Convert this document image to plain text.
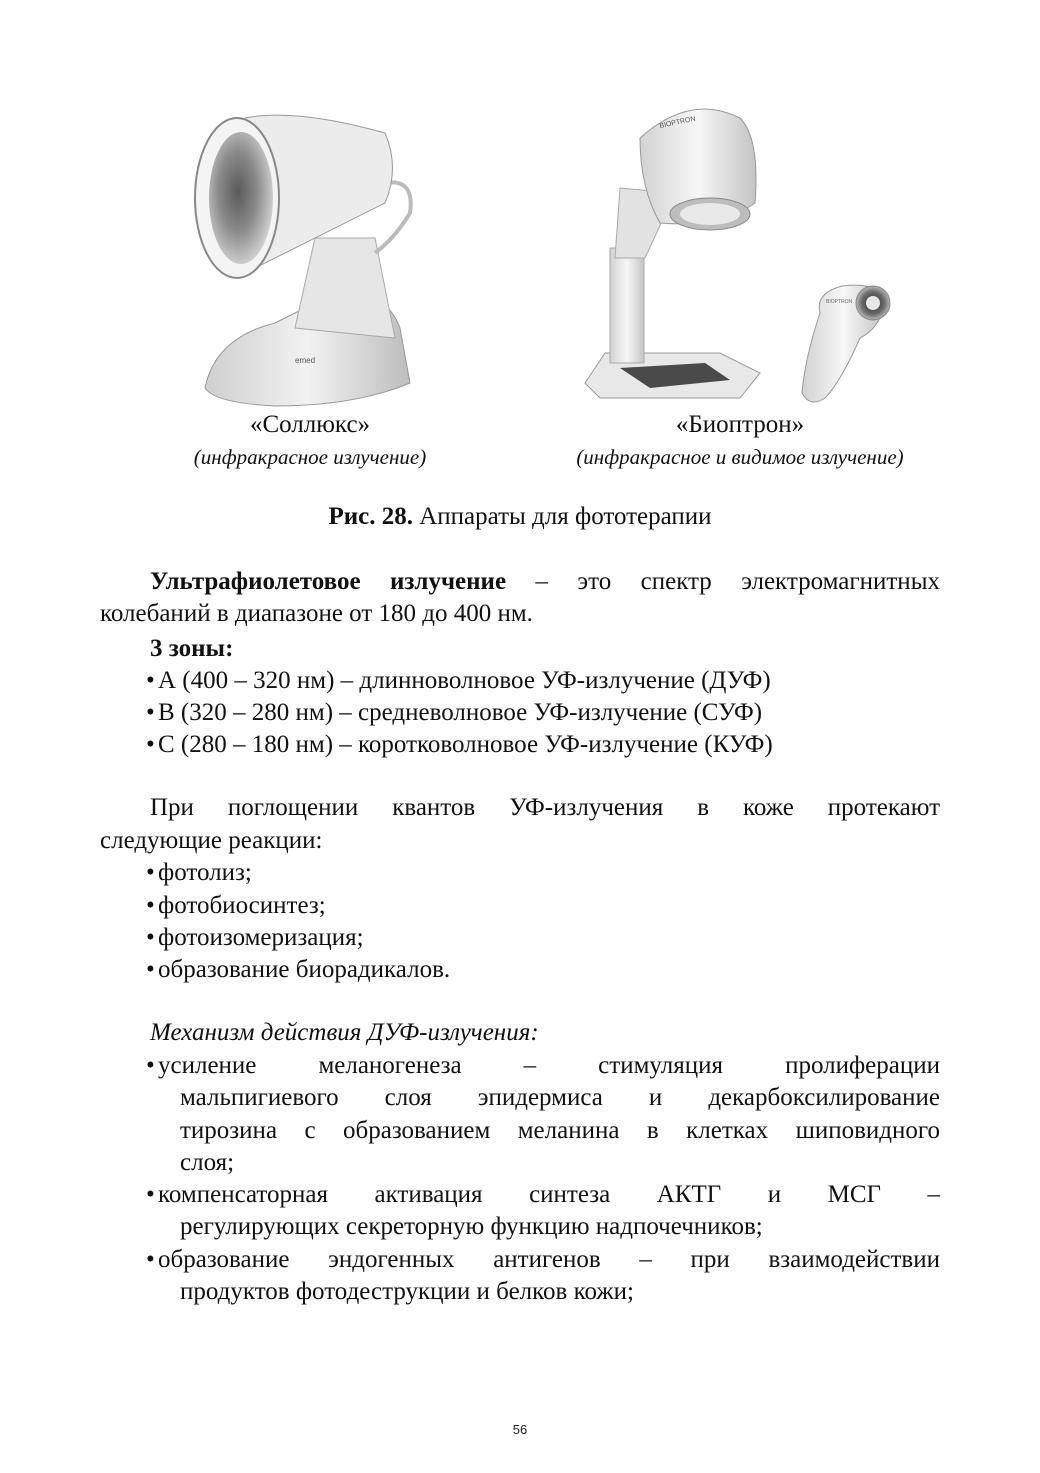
emed
BIOPTRON
BIOPTRON
«Соллюкс»
(инфракрасное излучение)
«Биоптрон»
(инфракрасное и видимое излучение)
Рис. 28. Аппараты для фототерапии
Ультрафиолетовое излучение – это спектр электромагнитных
колебаний в диапазоне от 180 до 400 нм.
3 зоны:
• А (400 – 320 нм) – длинноволновое УФ-излучение (ДУФ)
• В (320 – 280 нм) – средневолновое УФ-излучение (СУФ)
• С (280 – 180 нм) – коротковолновое УФ-излучение (КУФ)
При поглощении квантов УФ-излучения в коже протекают
следующие реакции:
• фотолиз;
• фотобиосинтез;
• фотоизомеризация;
• образование биорадикалов.
Механизм действия ДУФ-излучения:
• усиление меланогенеза – стимуляция пролиферации
мальпигиевого слоя эпидермиса и декарбоксилирование
тирозина с образованием меланина в клетках шиповидного
слоя;
• компенсаторная активация синтеза АКТГ и МСГ –
регулирующих секреторную функцию надпочечников;
• образование эндогенных антигенов – при взаимодействии
продуктов фотодеструкции и белков кожи;
56
